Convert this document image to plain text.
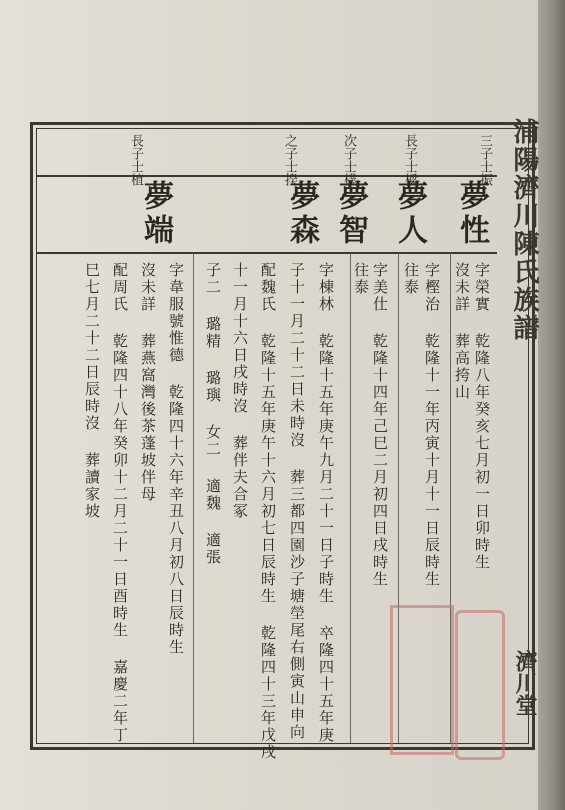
浦陽濟川陳氏族譜
濟川堂
三子士振
長子士樑
次子士樸
之子士揆
長子士植
夢性
夢人
夢智
夢森
夢端
字榮實 乾隆八年癸亥七月初一日卯時生
沒未詳 葬高挎山
字樫治 乾隆十一年丙寅十月十一日辰時生
往泰
字美仕 乾隆十四年己巳二月初四日戌時生
往泰
字棟林 乾隆十五年庚午九月二十一日子時生 卒隆四十五年庚
子十一月二十二日未時沒 葬三都四園沙子塘塋尾右側寅山申向
配魏氏 乾隆十五年庚午十六月初七日辰時生 乾隆四十三年戊戌
十一月十六日戌時沒 葬伴夫合冢
子二 璐精 璐璵 女二 適魏 適張
字韋服號惟德 乾隆四十六年辛丑八月初八日辰時生
沒未詳 葬燕窩灣後茶蓬坡伴母
配周氏 乾隆四十八年癸卯十二月二十一日酉時生 嘉慶二年丁
巳七月二十二日辰時沒 葬讀家坡
